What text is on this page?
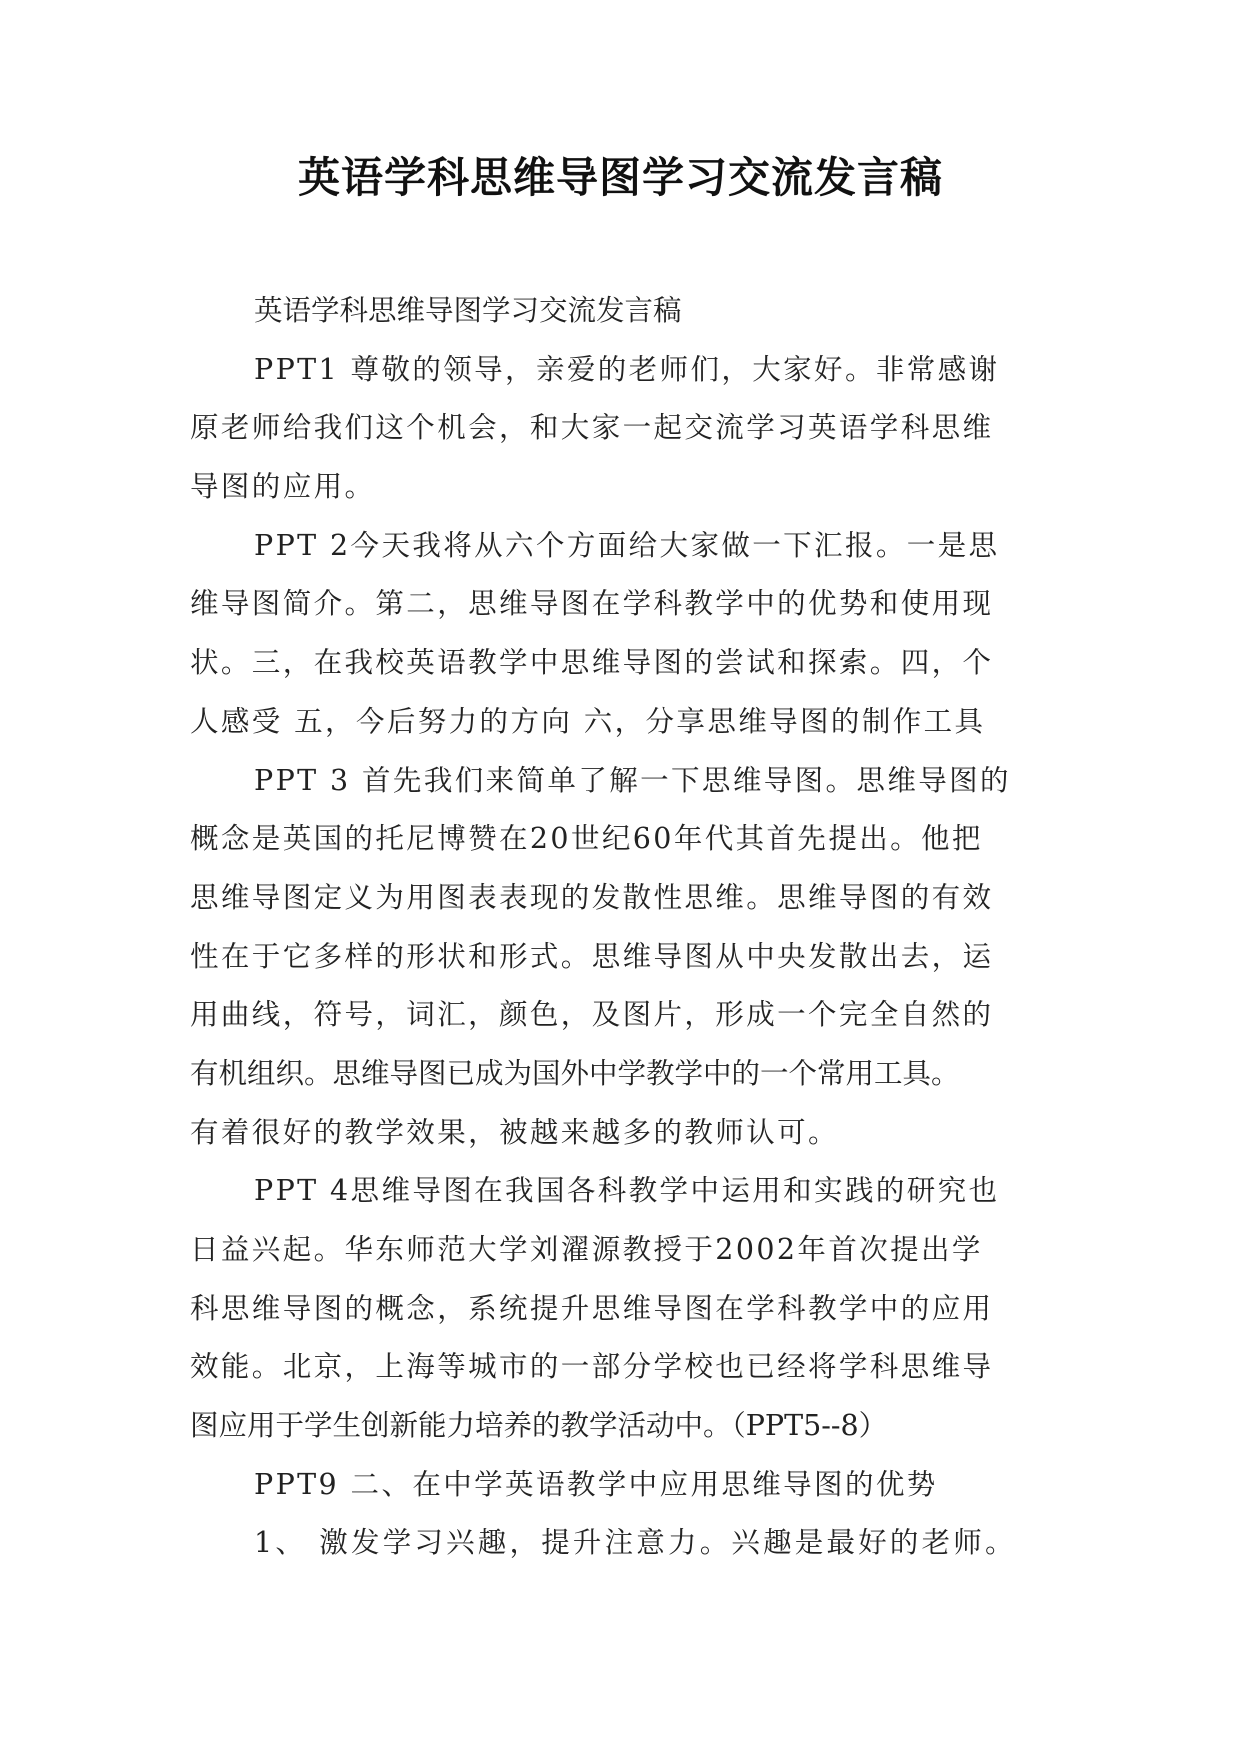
英语学科思维导图学习交流发言稿
英语学科思维导图学习交流发言稿
PPT1 尊敬的领导，亲爱的老师们，大家好。非常感谢
原老师给我们这个机会，和大家一起交流学习英语学科思维
导图的应用。
PPT 2今天我将从六个方面给大家做一下汇报。一是思
维导图简介。第二，思维导图在学科教学中的优势和使用现
状。三，在我校英语教学中思维导图的尝试和探索。四，个
人感受 五，今后努力的方向 六，分享思维导图的制作工具
PPT 3 首先我们来简单了解一下思维导图。思维导图的
概念是英国的托尼博赞在20世纪60年代其首先提出。他把
思维导图定义为用图表表现的发散性思维。思维导图的有效
性在于它多样的形状和形式。思维导图从中央发散出去，运
用曲线，符号，词汇，颜色，及图片，形成一个完全自然的
有机组织。思维导图已成为国外中学教学中的一个常用工具。
有着很好的教学效果，被越来越多的教师认可。
PPT 4思维导图在我国各科教学中运用和实践的研究也
日益兴起。华东师范大学刘濯源教授于2002年首次提出学
科思维导图的概念，系统提升思维导图在学科教学中的应用
效能。北京，上海等城市的一部分学校也已经将学科思维导
图应用于学生创新能力培养的教学活动中。（PPT5--8）
PPT9 二、在中学英语教学中应用思维导图的优势
1、 激发学习兴趣，提升注意力。兴趣是最好的老师。
